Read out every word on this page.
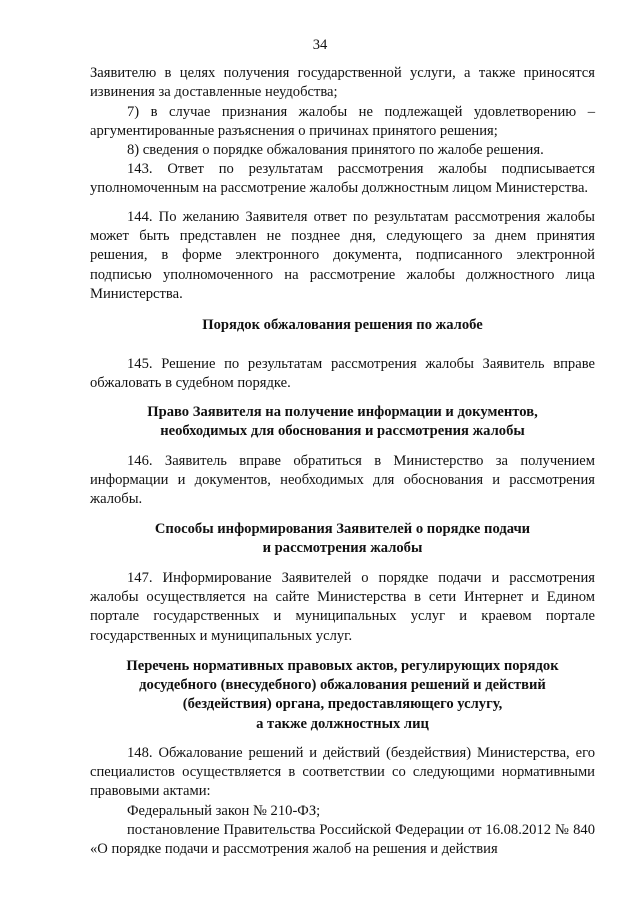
34

Заявителю в целях получения государственной услуги, а также приносятся извинения за доставленные неудобства;

7) в случае признания жалобы не подлежащей удовлетворению – аргументированные разъяснения о причинах принятого решения;

8) сведения о порядке обжалования принятого по жалобе решения.

143. Ответ по результатам рассмотрения жалобы подписывается уполномоченным на рассмотрение жалобы должностным лицом Министерства.

144. По желанию Заявителя ответ по результатам рассмотрения жалобы может быть представлен не позднее дня, следующего за днем принятия решения, в форме электронного документа, подписанного электронной подписью уполномоченного на рассмотрение жалобы должностного лица Министерства.

Порядок обжалования решения по жалобе

145. Решение по результатам рассмотрения жалобы Заявитель вправе обжаловать в судебном порядке.

Право Заявителя на получение информации и документов,
необходимых для обоснования и рассмотрения жалобы

146. Заявитель вправе обратиться в Министерство за получением информации и документов, необходимых для обоснования и рассмотрения жалобы.

Способы информирования Заявителей о порядке подачи
и рассмотрения жалобы

147. Информирование Заявителей о порядке подачи и рассмотрения жалобы осуществляется на сайте Министерства в сети Интернет и Едином портале государственных и муниципальных услуг и краевом портале государственных и муниципальных услуг.

Перечень нормативных правовых актов, регулирующих порядок
досудебного (внесудебного) обжалования решений и действий
(бездействия) органа, предоставляющего услугу,
а также должностных лиц

148. Обжалование решений и действий (бездействия) Министерства, его специалистов осуществляется в соответствии со следующими нормативными правовыми актами:

Федеральный закон № 210-ФЗ;

постановление Правительства Российской Федерации от 16.08.2012 № 840 «О порядке подачи и рассмотрения жалоб на решения и действия
